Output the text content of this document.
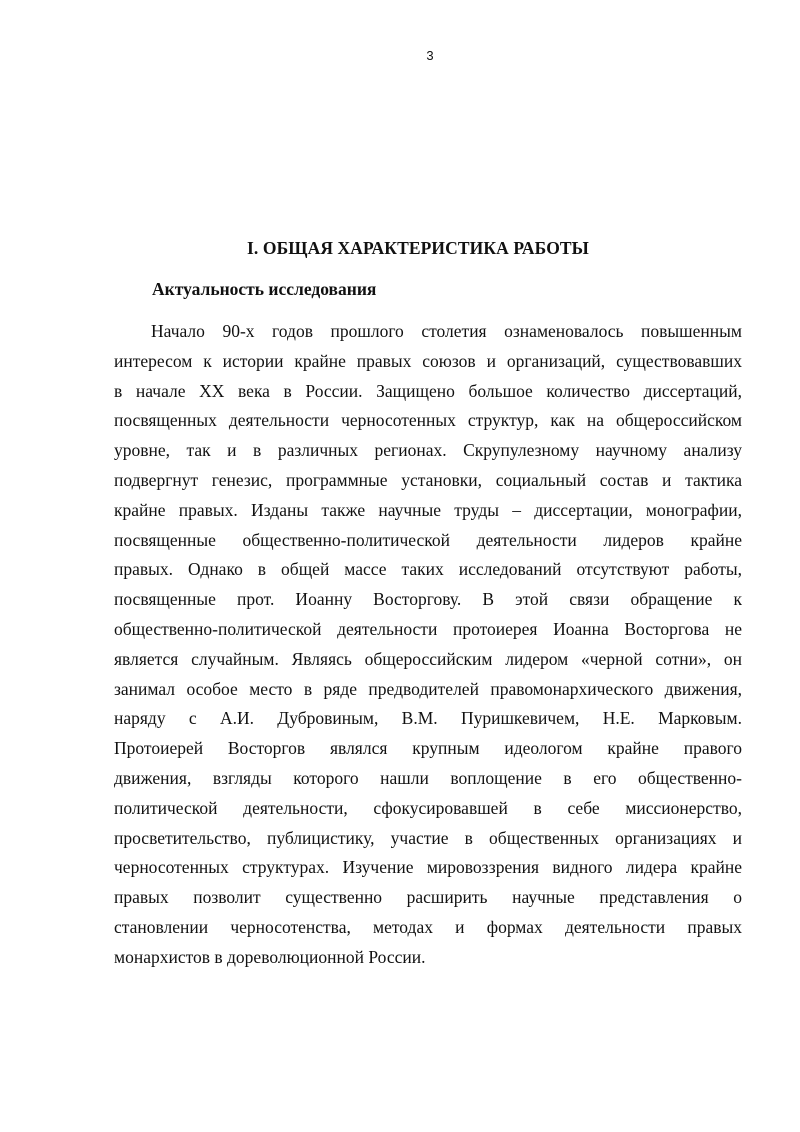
3
I. ОБЩАЯ ХАРАКТЕРИСТИКА РАБОТЫ
Актуальность исследования
Начало 90-х годов прошлого столетия ознаменовалось повышенным
интересом к истории крайне правых союзов и организаций, существовавших
в начале XX века в России. Защищено большое количество диссертаций,
посвященных деятельности черносотенных структур, как на общероссийском
уровне, так и в различных регионах. Скрупулезному научному анализу
подвергнут генезис, программные установки, социальный состав и тактика
крайне правых. Изданы также научные труды – диссертации, монографии,
посвященные общественно-политической деятельности лидеров крайне
правых. Однако в общей массе таких исследований отсутствуют работы,
посвященные прот. Иоанну Восторгову. В этой связи обращение к
общественно-политической деятельности протоиерея Иоанна Восторгова не
является случайным. Являясь общероссийским лидером «черной сотни», он
занимал особое место в ряде предводителей правомонархического движения,
наряду с А.И. Дубровиным, В.М. Пуришкевичем, Н.Е. Марковым.
Протоиерей Восторгов являлся крупным идеологом крайне правого
движения, взгляды которого нашли воплощение в его общественно-
политической деятельности, сфокусировавшей в себе миссионерство,
просветительство, публицистику, участие в общественных организациях и
черносотенных структурах. Изучение мировоззрения видного лидера крайне
правых позволит существенно расширить научные представления о
становлении черносотенства, методах и формах деятельности правых
монархистов в дореволюционной России.
